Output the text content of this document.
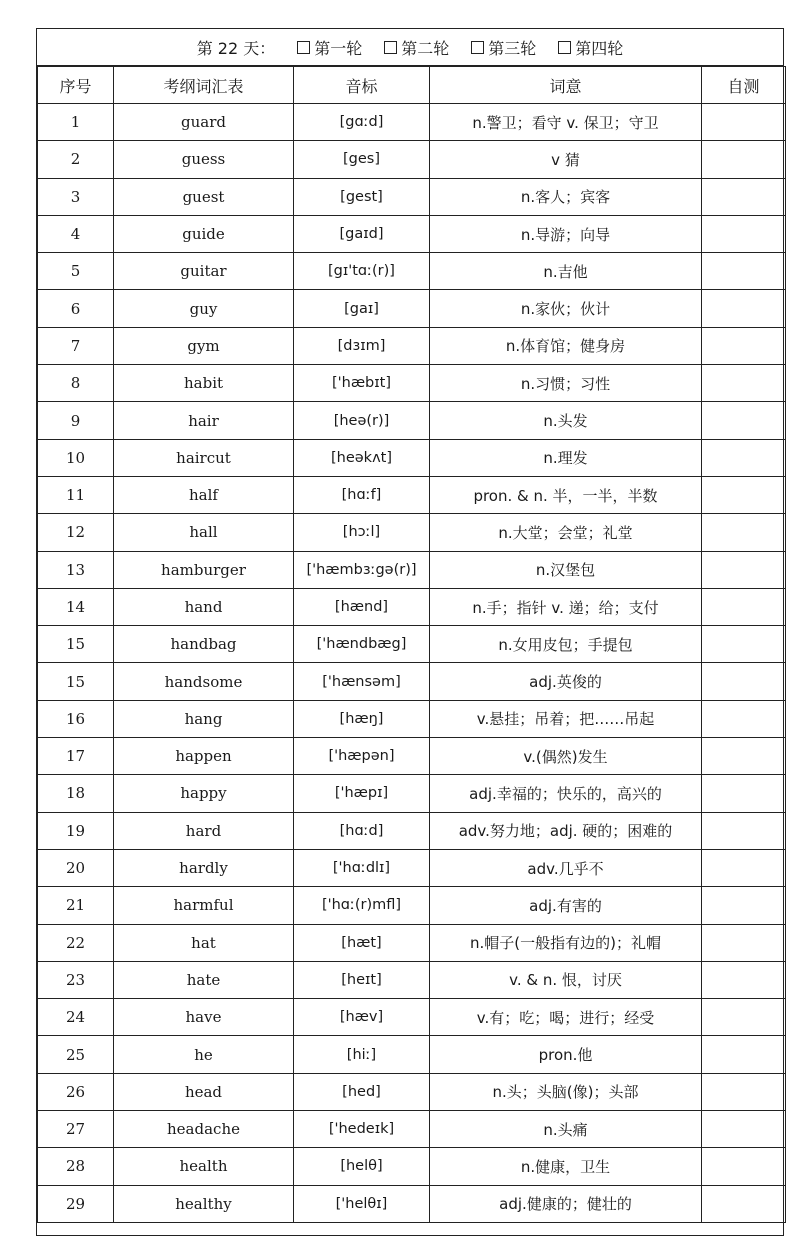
第 22 天： 第一轮 第二轮 第三轮 第四轮
序号	考纲词汇表	音标	词意	自测
1	guard	[gɑːd]	n.警卫；看守 v. 保卫；守卫	
2	guess	[ges]	v 猜	
3	guest	[gest]	n.客人；宾客	
4	guide	[gaɪd]	n.导游；向导	
5	guitar	[gɪ'tɑː(r)]	n.吉他	
6	guy	[gaɪ]	n.家伙；伙计	
7	gym	[dɜɪm]	n.体育馆；健身房	
8	habit	['hæbɪt]	n.习惯；习性	
9	hair	[heə(r)]	n.头发	
10	haircut	[heəkʌt]	n.理发	
11	half	[hɑːf]	pron. & n. 半，一半，半数	
12	hall	[hɔːl]	n.大堂；会堂；礼堂	
13	hamburger	['hæmbɜːgə(r)]	n.汉堡包	
14	hand	[hænd]	n.手；指针 v. 递；给；支付	
15	handbag	['hændbæg]	n.女用皮包；手提包	
15	handsome	['hænsəm]	adj.英俊的	
16	hang	[hæŋ]	v.悬挂；吊着；把……吊起	
17	happen	['hæpən]	v.(偶然)发生	
18	happy	['hæpɪ]	adj.幸福的；快乐的，高兴的	
19	hard	[hɑːd]	adv.努力地；adj. 硬的；困难的	
20	hardly	['hɑːdlɪ]	adv.几乎不	
21	harmful	['hɑː(r)mfl]	adj.有害的	
22	hat	[hæt]	n.帽子(一般指有边的)；礼帽	
23	hate	[heɪt]	v. & n. 恨，讨厌	
24	have	[hæv]	v.有；吃；喝；进行；经受	
25	he	[hiː]	pron.他	
26	head	[hed]	n.头；头脑(像)；头部	
27	headache	['hedeɪk]	n.头痛	
28	health	[helθ]	n.健康，卫生	
29	healthy	['helθɪ]	adj.健康的；健壮的	
